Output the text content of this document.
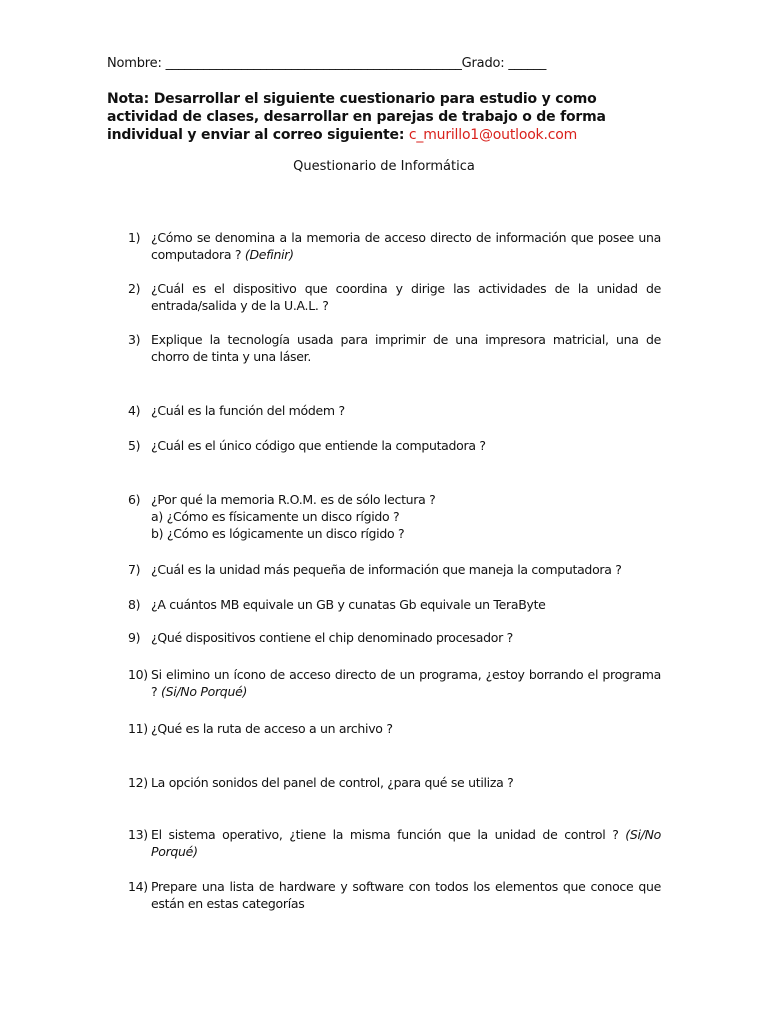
Nombre: _______________________________________________Grado: ______
Nota: Desarrollar el siguiente cuestionario para estudio y como actividad de clases, desarrollar en parejas de trabajo o de forma individual y enviar al correo siguiente: c_murillo1@outlook.com
Questionario de Informática
1) ¿Cómo se denomina a la memoria de acceso directo de información que posee una computadora ? (Definir)
2) ¿Cuál es el dispositivo que coordina y dirige las actividades de la unidad de entrada/salida y de la U.A.L. ?
3) Explique la tecnología usada para imprimir de una impresora matricial, una de chorro de tinta y una láser.
4) ¿Cuál es la función del módem ?
5) ¿Cuál es el único código que entiende la computadora ?
6) ¿Por qué la memoria R.O.M. es de sólo lectura ?
a) ¿Cómo es físicamente un disco rígido ?
b) ¿Cómo es lógicamente un disco rígido ?
7) ¿Cuál es la unidad más pequeña de información que maneja la computadora ?
8) ¿A cuántos MB equivale un GB y cunatas Gb equivale un TeraByte
9) ¿Qué dispositivos contiene el chip denominado procesador ?
10) Si elimino un ícono de acceso directo de un programa, ¿estoy borrando el programa ? (Si/No Porqué)
11) ¿Qué es la ruta de acceso a un archivo ?
12) La opción sonidos del panel de control, ¿para qué se utiliza ?
13) El sistema operativo, ¿tiene la misma función que la unidad de control ? (Si/No Porqué)
14) Prepare una lista de hardware y software con todos los elementos que conoce que están en estas categorías
